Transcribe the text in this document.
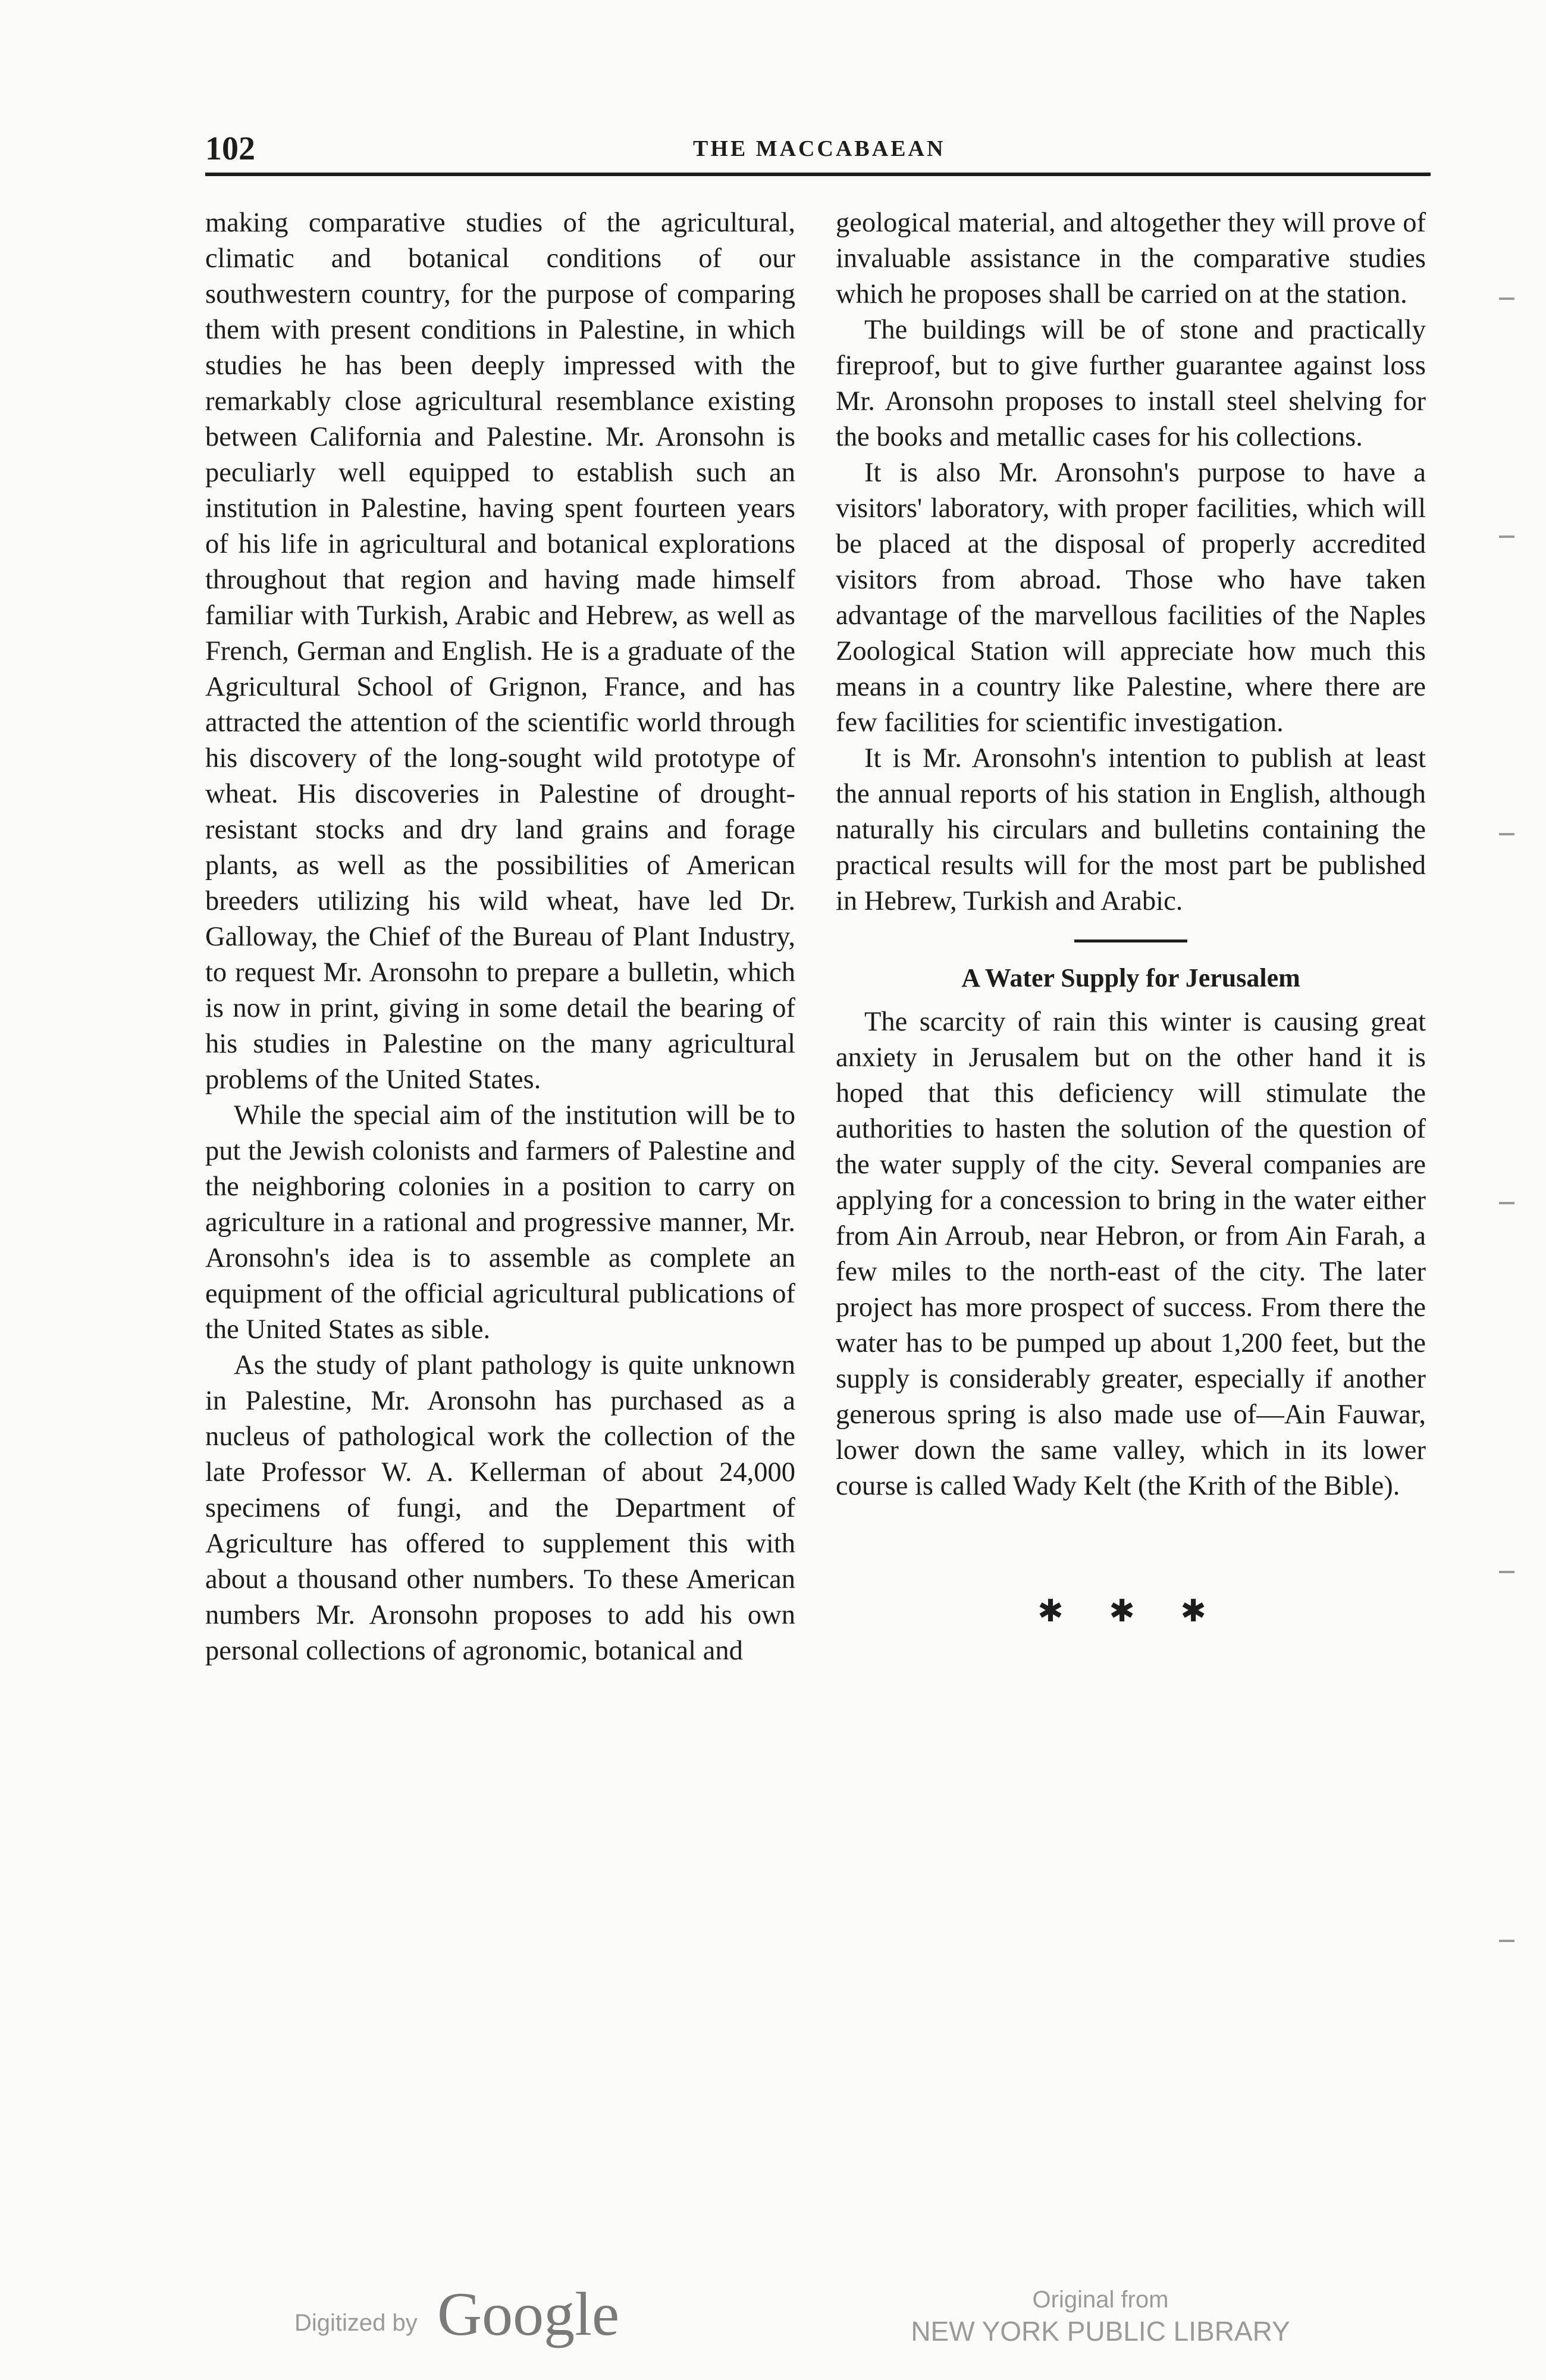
102	THE MACCABAEAN

making comparative studies of the agricultural, climatic and botanical conditions of our southwestern country, for the purpose of comparing them with present conditions in Palestine, in which studies he has been deeply impressed with the remarkably close agricultural resemblance existing between California and Palestine. Mr. Aronsohn is peculiarly well equipped to establish such an institution in Palestine, having spent fourteen years of his life in agricultural and botanical explorations throughout that region and having made himself familiar with Turkish, Arabic and Hebrew, as well as French, German and English. He is a graduate of the Agricultural School of Grignon, France, and has attracted the attention of the scientific world through his discovery of the long-sought wild prototype of wheat. His discoveries in Palestine of drought-resistant stocks and dry land grains and forage plants, as well as the possibilities of American breeders utilizing his wild wheat, have led Dr. Galloway, the Chief of the Bureau of Plant Industry, to request Mr. Aronsohn to prepare a bulletin, which is now in print, giving in some detail the bearing of his studies in Palestine on the many agricultural problems of the United States.

While the special aim of the institution will be to put the Jewish colonists and farmers of Palestine and the neighboring colonies in a position to carry on agriculture in a rational and progressive manner, Mr. Aronsohn's idea is to assemble as complete an equipment of the official agricultural publications of the United States as sible.

As the study of plant pathology is quite unknown in Palestine, Mr. Aronsohn has purchased as a nucleus of pathological work the collection of the late Professor W. A. Kellerman of about 24,000 specimens of fungi, and the Department of Agriculture has offered to supplement this with about a thousand other numbers. To these American numbers Mr. Aronsohn proposes to add his own personal collections of agronomic, botanical and

geological material, and altogether they will prove of invaluable assistance in the comparative studies which he proposes shall be carried on at the station.

The buildings will be of stone and practically fireproof, but to give further guarantee against loss Mr. Aronsohn proposes to install steel shelving for the books and metallic cases for his collections.

It is also Mr. Aronsohn's purpose to have a visitors' laboratory, with proper facilities, which will be placed at the disposal of properly accredited visitors from abroad. Those who have taken advantage of the marvellous facilities of the Naples Zoological Station will appreciate how much this means in a country like Palestine, where there are few facilities for scientific investigation.

It is Mr. Aronsohn's intention to publish at least the annual reports of his station in English, although naturally his circulars and bulletins containing the practical results will for the most part be published in Hebrew, Turkish and Arabic.

A Water Supply for Jerusalem

The scarcity of rain this winter is causing great anxiety in Jerusalem but on the other hand it is hoped that this deficiency will stimulate the authorities to hasten the solution of the question of the water supply of the city. Several companies are applying for a concession to bring in the water either from Ain Arroub, near Hebron, or from Ain Farah, a few miles to the north-east of the city. The later project has more prospect of success. From there the water has to be pumped up about 1,200 feet, but the supply is considerably greater, especially if another generous spring is also made use of—Ain Fauwar, lower down the same valley, which in its lower course is called Wady Kelt (the Krith of the Bible).

✱ ✱ ✱
Digitized by Google	Original from
NEW YORK PUBLIC LIBRARY
